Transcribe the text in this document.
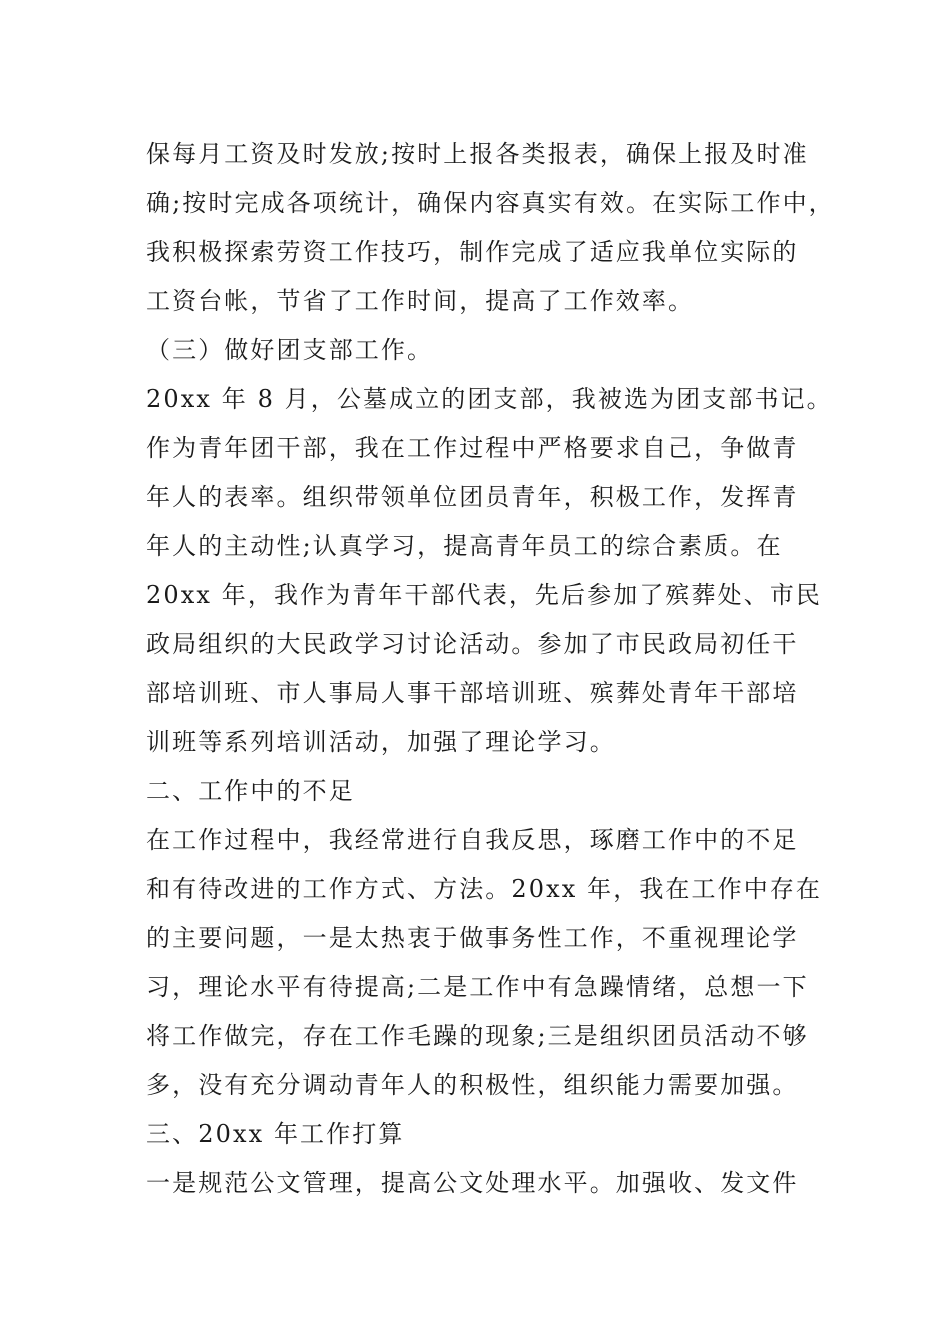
保每月工资及时发放;按时上报各类报表，确保上报及时准
确;按时完成各项统计，确保内容真实有效。在实际工作中，
我积极探索劳资工作技巧，制作完成了适应我单位实际的
工资台帐，节省了工作时间，提高了工作效率。
（三）做好团支部工作。
20xx 年 8 月，公墓成立的团支部，我被选为团支部书记。
作为青年团干部，我在工作过程中严格要求自己，争做青
年人的表率。组织带领单位团员青年，积极工作，发挥青
年人的主动性;认真学习，提高青年员工的综合素质。在
20xx 年，我作为青年干部代表，先后参加了殡葬处、市民
政局组织的大民政学习讨论活动。参加了市民政局初任干
部培训班、市人事局人事干部培训班、殡葬处青年干部培
训班等系列培训活动，加强了理论学习。
二、工作中的不足
在工作过程中，我经常进行自我反思，琢磨工作中的不足
和有待改进的工作方式、方法。20xx 年，我在工作中存在
的主要问题，一是太热衷于做事务性工作，不重视理论学
习，理论水平有待提高;二是工作中有急躁情绪，总想一下
将工作做完，存在工作毛躁的现象;三是组织团员活动不够
多，没有充分调动青年人的积极性，组织能力需要加强。
三、20xx 年工作打算
一是规范公文管理，提高公文处理水平。加强收、发文件
